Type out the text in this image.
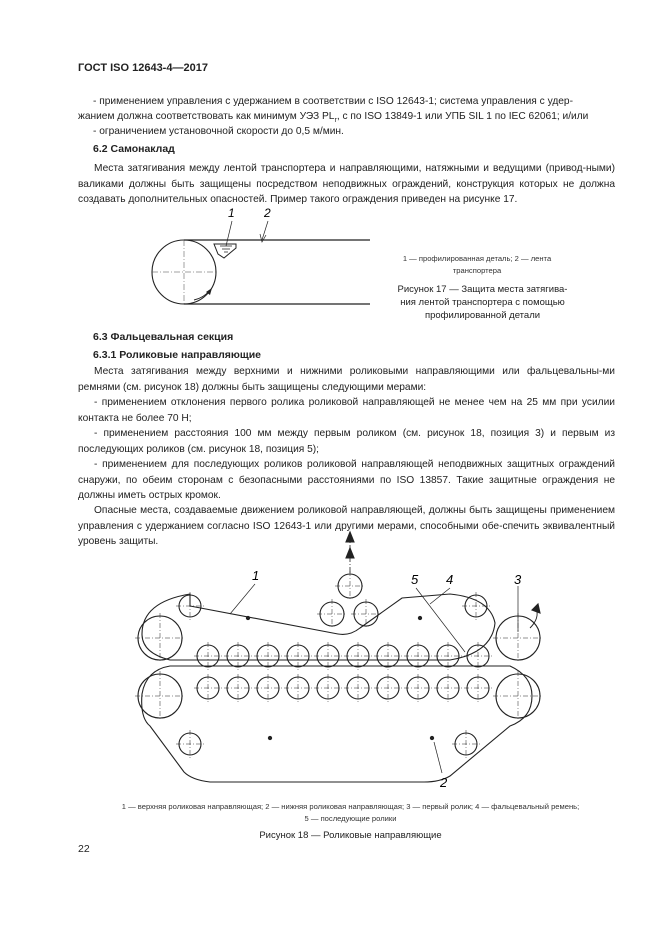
ГОСТ ISO 12643-4—2017
- применением управления с удержанием в соответствии с ISO 12643-1; система управления с удер-
жанием должна соответствовать как минимум УЭЗ $PL_r$, с по ISO 13849-1 или УПБ SIL 1 по IEC 62061; и/или
- ограничением установочной скорости до 0,5 м/мин.
6.2 Самонаклад
Места затягивания между лентой транспортера и направляющими, натяжными и ведущими (привод-ными) валиками должны быть защищены посредством неподвижных ограждений, конструкция которых не должна создавать дополнительных опасностей. Пример такого ограждения приведен на рисунке 17.
1 2
1 — профилированная деталь; 2 — лента
транспортера
Рисунок 17 — Защита места затягива-
ния лентой транспортера с помощью
профилированной детали
6.3 Фальцевальная секция
6.3.1 Роликовые направляющие
Места затягивания между верхними и нижними роликовыми направляющими или фальцевальны-ми ремнями (см. рисунок 18) должны быть защищены следующими мерами:
- применением отклонения первого ролика роликовой направляющей не менее чем на 25 мм при усилии контакта не более 70 Н;
- применением расстояния 100 мм между первым роликом (см. рисунок 18, позиция 3) и первым из последующих роликов (см. рисунок 18, позиция 5);
- применением для последующих роликов роликовой направляющей неподвижных защитных ограждений снаружи, по обеим сторонам с безопасными расстояниями по ISO 13857. Такие защитные ограждения не должны иметь острых кромок.
Опасные места, создаваемые движением роликовой направляющей, должны быть защищены применением управления с удержанием согласно ISO 12643-1 или другими мерами, способными обе-спечить эквивалентный уровень защиты.
1
2
3
4
5
1 — верхняя роликовая направляющая; 2 — нижняя роликовая направляющая; 3 — первый ролик; 4 — фальцевальный ремень;
5 — последующие ролики
Рисунок 18 — Роликовые направляющие
22
